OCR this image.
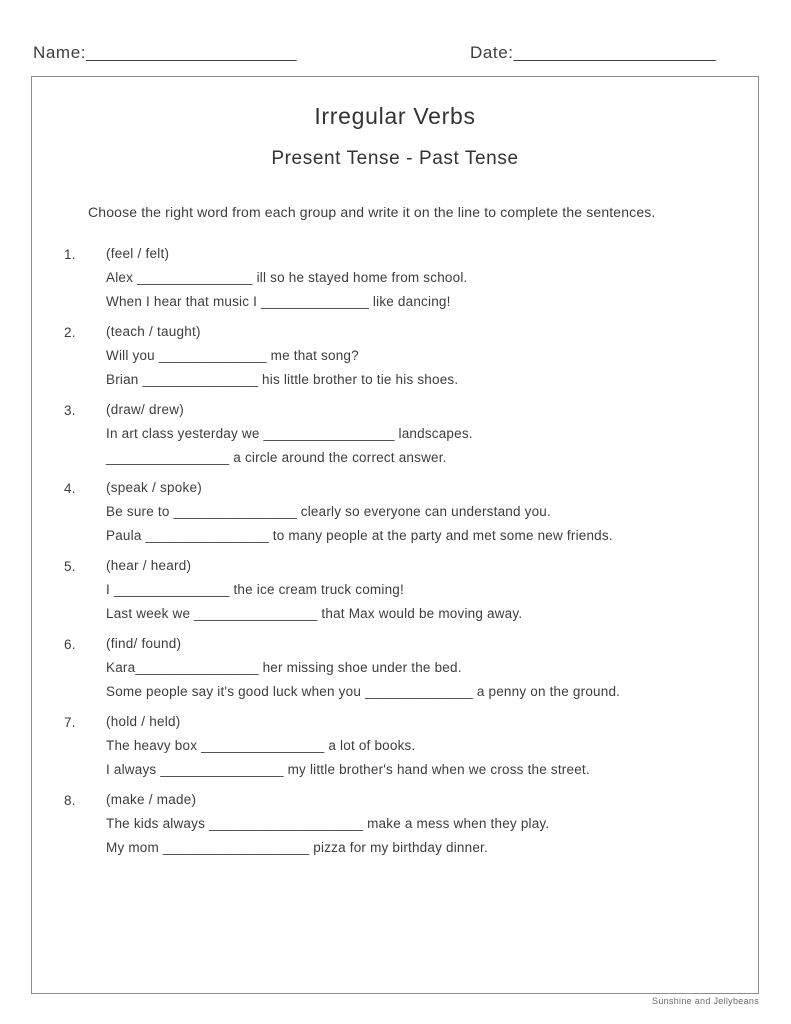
Name:_________________________	Date:________________________
Irregular Verbs
Present Tense - Past Tense
Choose the right word from each group and write it on the line to complete the sentences.
1.	(feel / felt)
Alex _______________ ill so he stayed home from school.
When I hear that music I ______________ like dancing!
2.	(teach / taught)
Will you ______________ me that song?
Brian _______________ his little brother to tie his shoes.
3.	(draw/ drew)
In art class yesterday we _________________ landscapes.
________________ a circle around the correct answer.
4.	(speak / spoke)
Be sure to ________________ clearly so everyone can understand you.
Paula ________________ to many people at the party and met some new friends.
5.	(hear / heard)
I _______________ the ice cream truck coming!
Last week we ________________ that Max would be moving away.
6.	(find/ found)
Kara________________ her missing shoe under the bed.
Some people say it's good luck when you ______________ a penny on the ground.
7.	(hold / held)
The heavy box ________________ a lot of books.
I always ________________ my little brother's hand when we cross the street.
8.	(make / made)
The kids always ____________________ make a mess when they play.
My mom ___________________ pizza for my birthday dinner.
Sunshine and Jellybeans
